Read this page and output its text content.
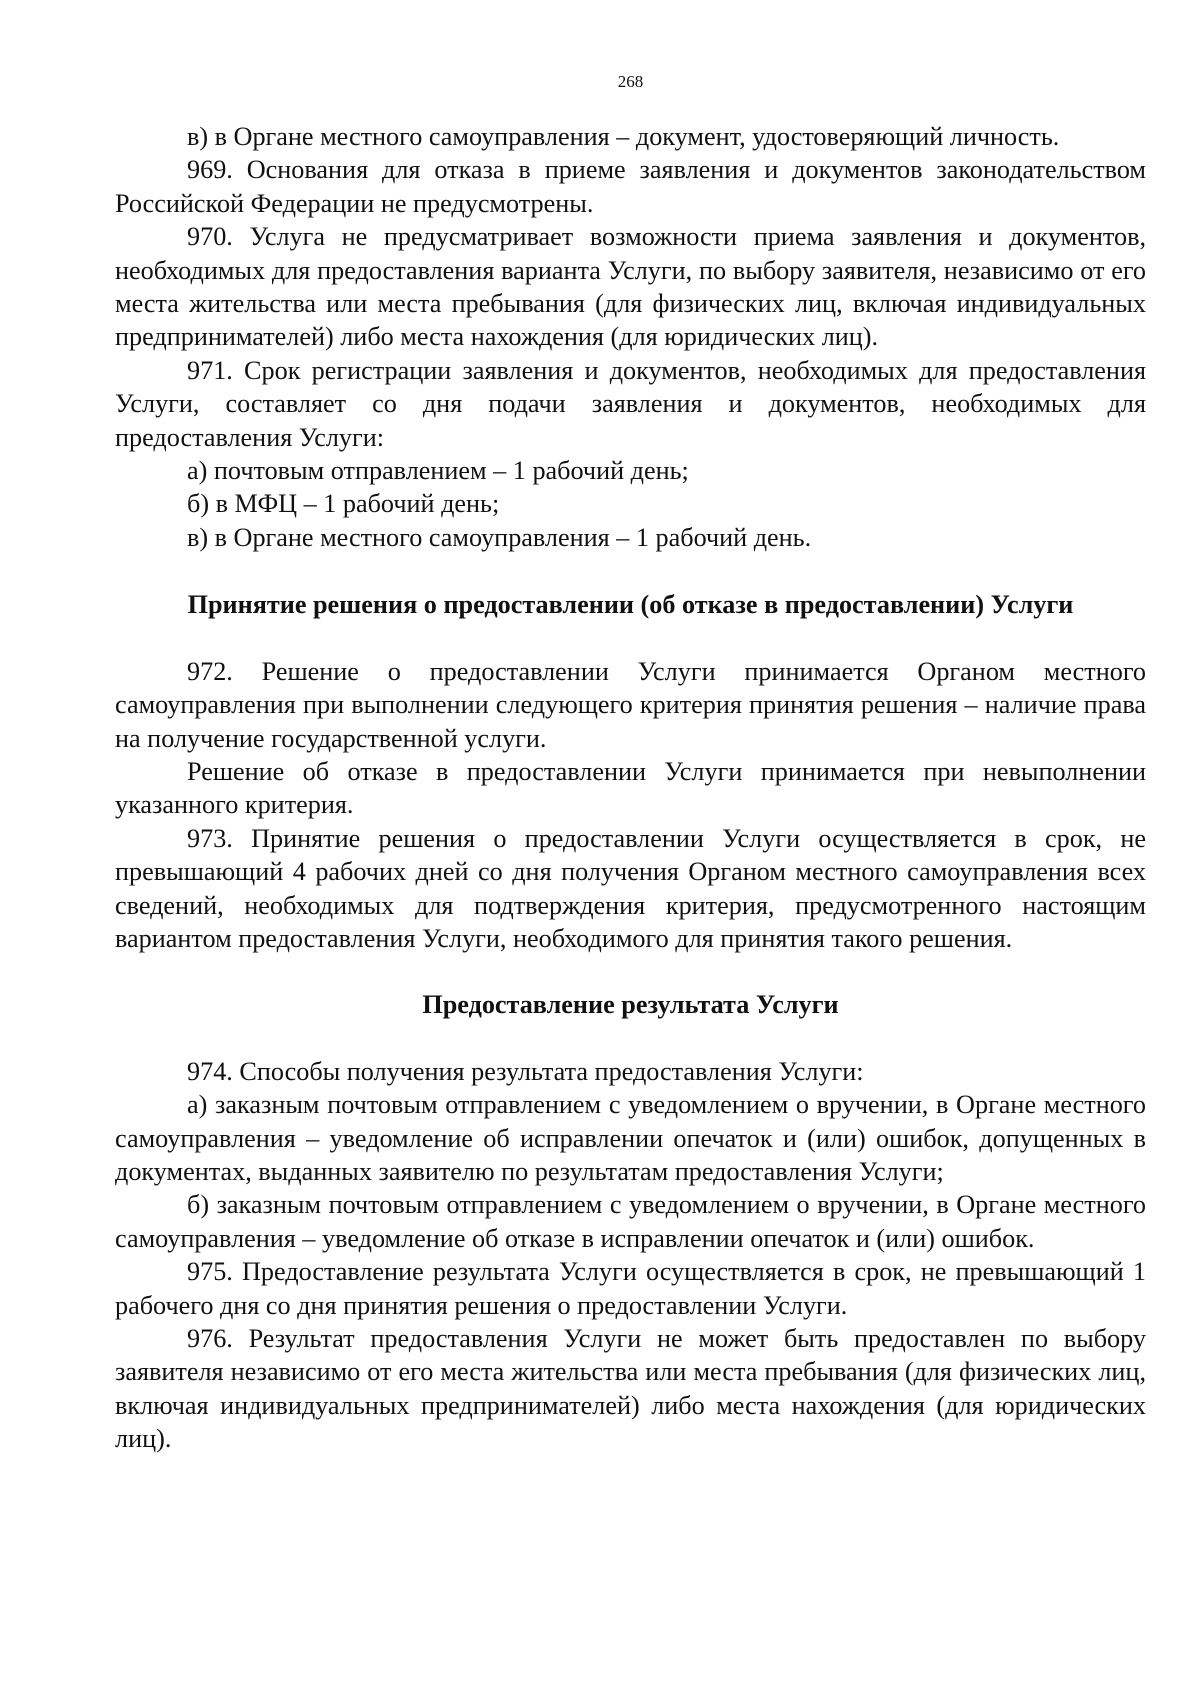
268

в) в Органе местного самоуправления – документ, удостоверяющий личность.

969. Основания для отказа в приеме заявления и документов законодательством Российской Федерации не предусмотрены.

970. Услуга не предусматривает возможности приема заявления и документов, необходимых для предоставления варианта Услуги, по выбору заявителя, независимо от его места жительства или места пребывания (для физических лиц, включая индивидуальных предпринимателей) либо места нахождения (для юридических лиц).

971. Срок регистрации заявления и документов, необходимых для предоставления Услуги, составляет со дня подачи заявления и документов, необходимых для предоставления Услуги:

а) почтовым отправлением – 1 рабочий день;

б) в МФЦ – 1 рабочий день;

в) в Органе местного самоуправления – 1 рабочий день.

Принятие решения о предоставлении (об отказе в предоставлении) Услуги

972. Решение о предоставлении Услуги принимается Органом местного самоуправления при выполнении следующего критерия принятия решения – наличие права на получение государственной услуги.

Решение об отказе в предоставлении Услуги принимается при невыполнении указанного критерия.

973. Принятие решения о предоставлении Услуги осуществляется в срок, не превышающий 4 рабочих дней со дня получения Органом местного самоуправления всех сведений, необходимых для подтверждения критерия, предусмотренного настоящим вариантом предоставления Услуги, необходимого для принятия такого решения.

Предоставление результата Услуги

974. Способы получения результата предоставления Услуги:

а) заказным почтовым отправлением с уведомлением о вручении, в Органе местного самоуправления – уведомление об исправлении опечаток и (или) ошибок, допущенных в документах, выданных заявителю по результатам предоставления Услуги;

б) заказным почтовым отправлением с уведомлением о вручении, в Органе местного самоуправления – уведомление об отказе в исправлении опечаток и (или) ошибок.

975. Предоставление результата Услуги осуществляется в срок, не превышающий 1 рабочего дня со дня принятия решения о предоставлении Услуги.

976. Результат предоставления Услуги не может быть предоставлен по выбору заявителя независимо от его места жительства или места пребывания (для физических лиц, включая индивидуальных предпринимателей) либо места нахождения (для юридических лиц).
